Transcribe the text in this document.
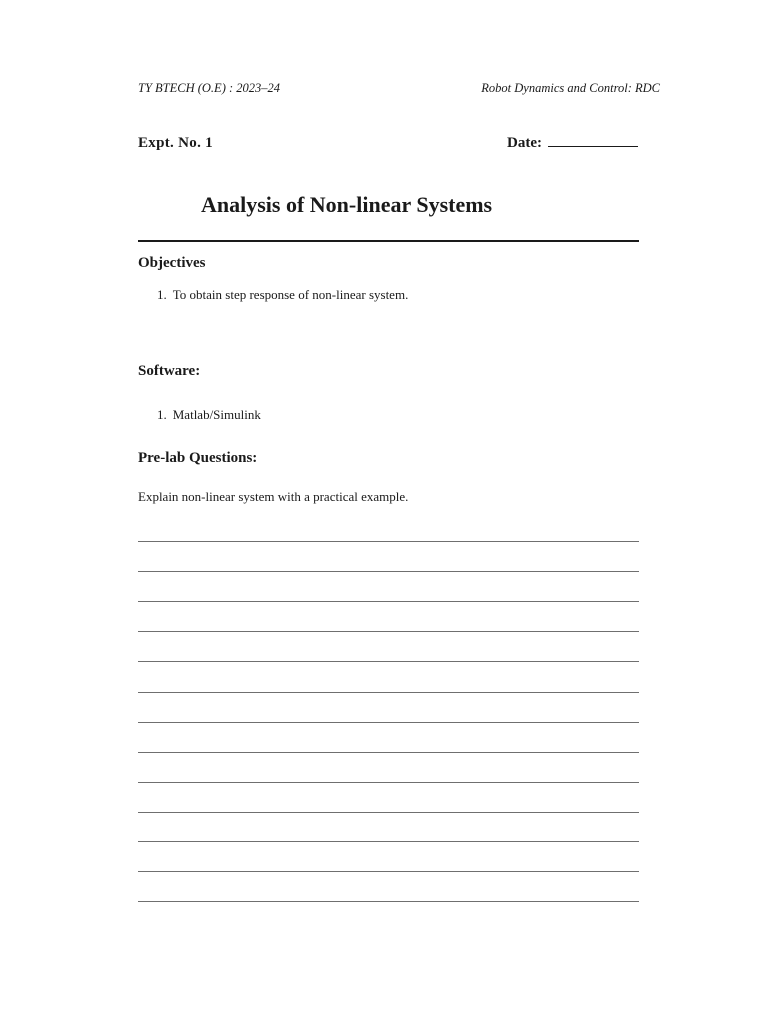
TY BTECH (O.E) : 2023–24	Robot Dynamics and Control: RDC
Expt. No. 1	Date:
Analysis of Non-linear Systems
Objectives
1. To obtain step response of non-linear system.
Software:
1. Matlab/Simulink
Pre-lab Questions:
Explain non-linear system with a practical example.
